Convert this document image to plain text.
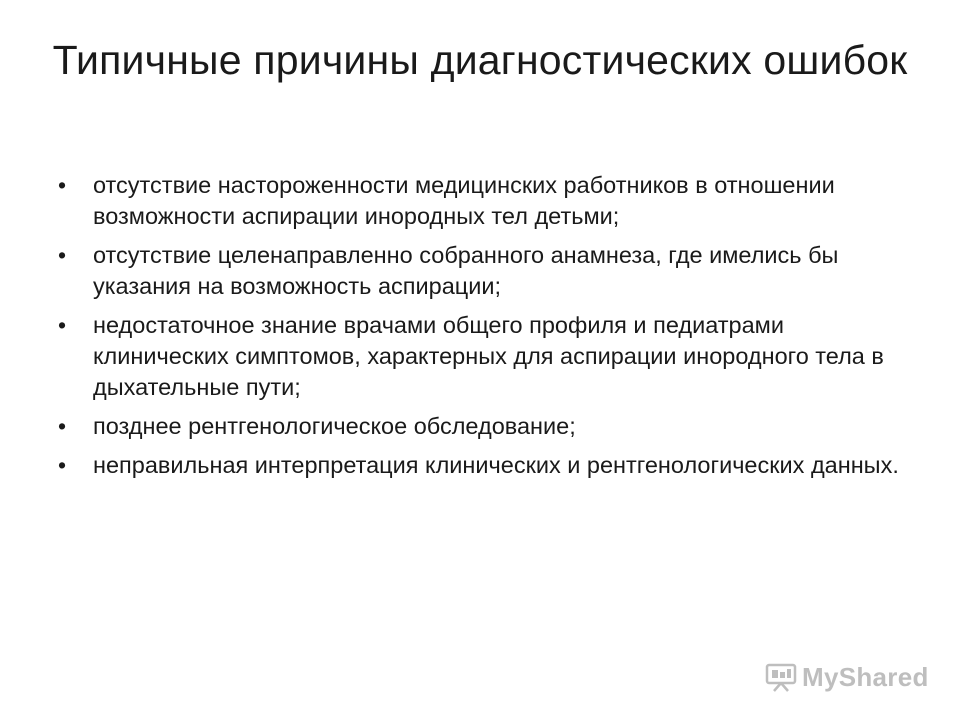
Типичные причины диагностических ошибок
• отсутствие настороженности медицинских работников в отношении возможности аспирации инородных тел детьми;
• отсутствие целенаправленно собранного анамнеза, где имелись бы указания на возможность аспирации;
• недостаточное знание врачами общего профиля и педиатрами клинических симптомов, характерных для аспирации инородного тела в дыхательные пути;
• позднее рентгенологическое обследование;
• неправильная интерпретация клинических и рентгенологических данных.
MyShared
